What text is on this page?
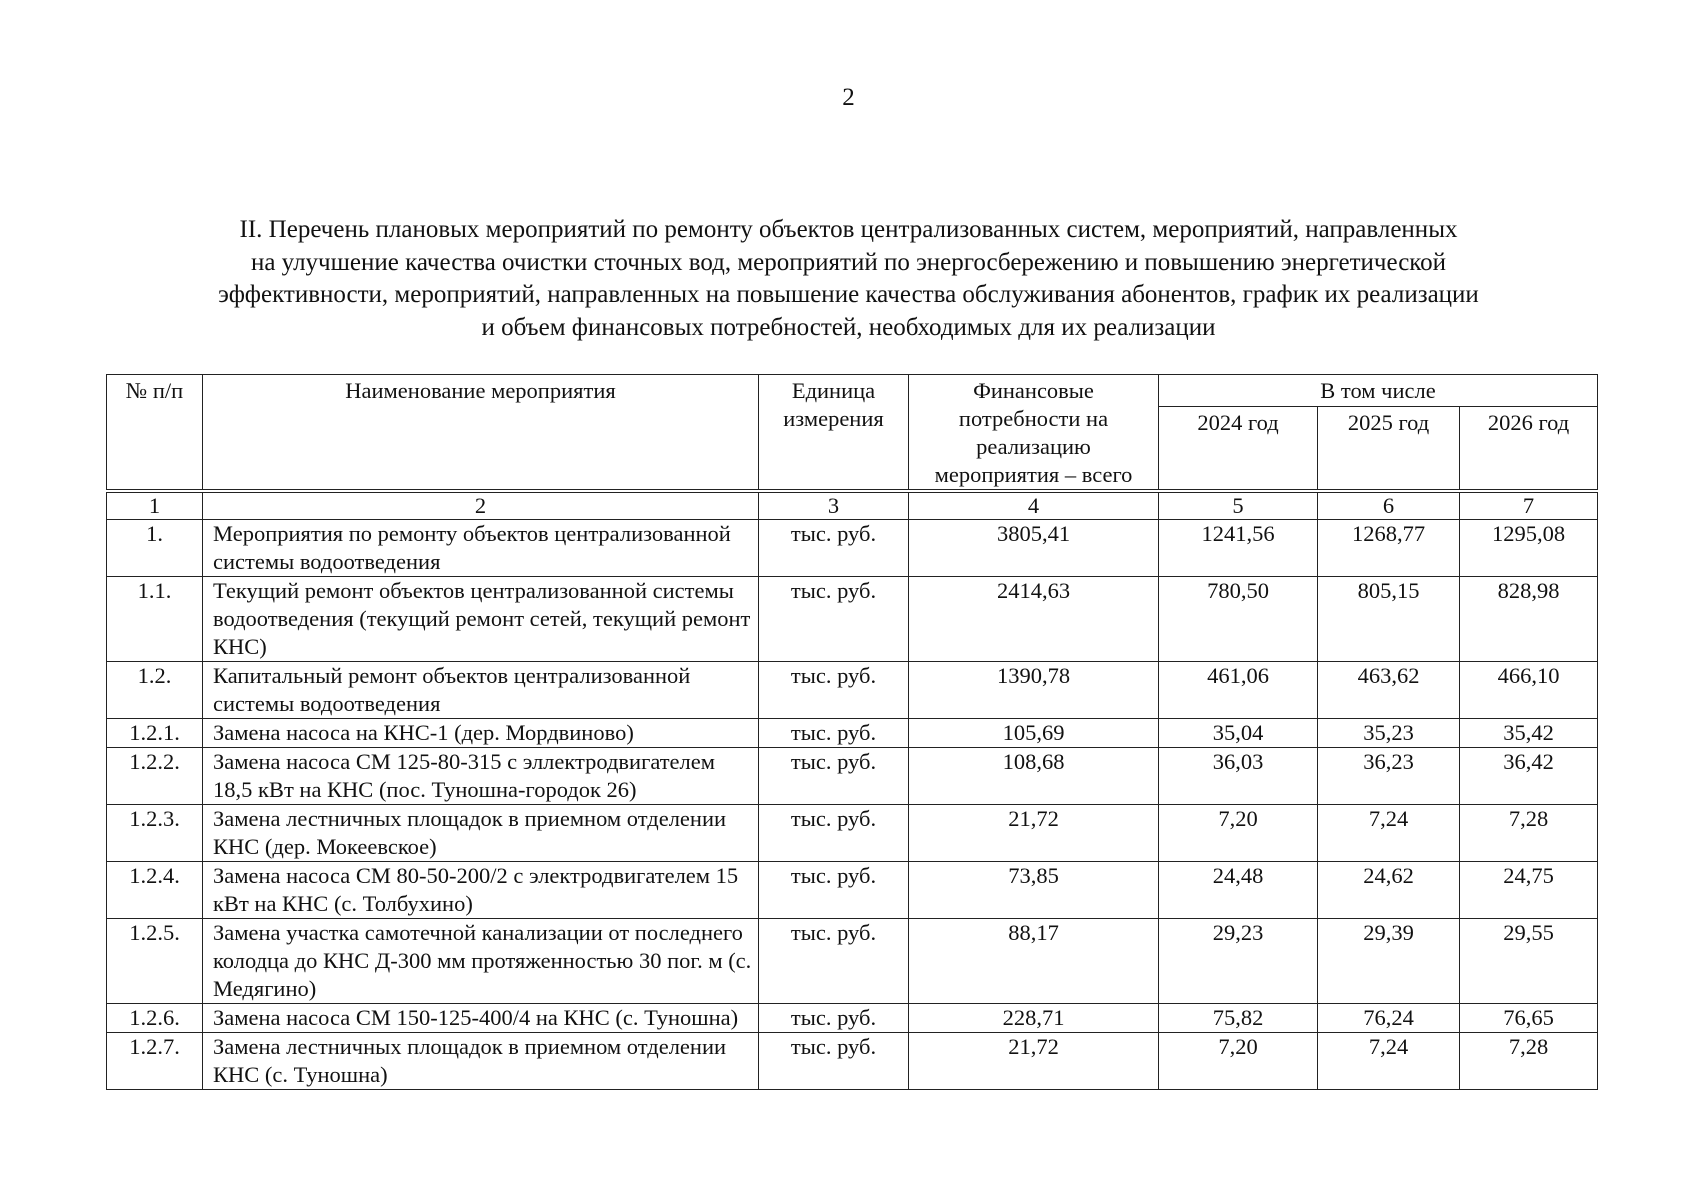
2
II. Перечень плановых мероприятий по ремонту объектов централизованных систем, мероприятий, направленных
на улучшение качества очистки сточных вод, мероприятий по энергосбережению и повышению энергетической
эффективности, мероприятий, направленных на повышение качества обслуживания абонентов, график их реализации
и объем финансовых потребностей, необходимых для их реализации
№ п/п	Наименование мероприятия	Единица измерения	Финансовые потребности на реализацию мероприятия – всего	В том числе		
				2024 год	2025 год	2026 год
1	2	3	4	5	6	7
1.	Мероприятия по ремонту объектов централизованной системы водоотведения	тыс. руб.	3805,41	1241,56	1268,77	1295,08
1.1.	Текущий ремонт объектов централизованной системы водоотведения (текущий ремонт сетей, текущий ремонт КНС)	тыс. руб.	2414,63	780,50	805,15	828,98
1.2.	Капитальный ремонт объектов централизованной системы водоотведения	тыс. руб.	1390,78	461,06	463,62	466,10
1.2.1.	Замена насоса на КНС-1 (дер. Мордвиново)	тыс. руб.	105,69	35,04	35,23	35,42
1.2.2.	Замена насоса СМ 125-80-315 с эллектродвигателем 18,5 кВт на КНС (пос. Туношна-городок 26)	тыс. руб.	108,68	36,03	36,23	36,42
1.2.3.	Замена лестничных площадок в приемном отделении КНС (дер. Мокеевское)	тыс. руб.	21,72	7,20	7,24	7,28
1.2.4.	Замена насоса СМ 80-50-200/2 с электродвигателем 15 кВт на КНС (с. Толбухино)	тыс. руб.	73,85	24,48	24,62	24,75
1.2.5.	Замена участка самотечной канализации от последнего колодца до КНС Д-300 мм протяженностью 30 пог. м (с. Медягино)	тыс. руб.	88,17	29,23	29,39	29,55
1.2.6.	Замена насоса СМ 150-125-400/4 на КНС (с. Туношна)	тыс. руб.	228,71	75,82	76,24	76,65
1.2.7.	Замена лестничных площадок в приемном отделении КНС (с. Туношна)	тыс. руб.	21,72	7,20	7,24	7,28
